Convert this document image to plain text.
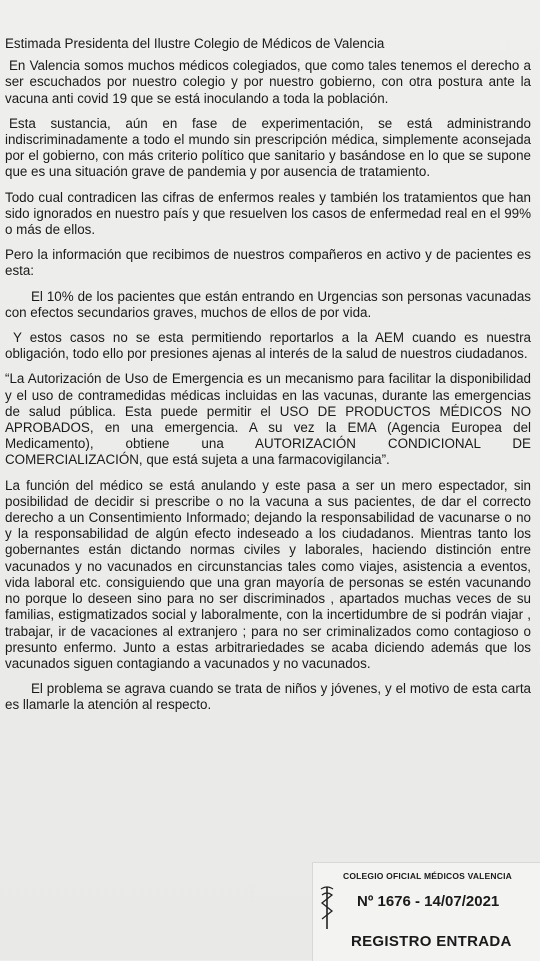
Estimada Presidenta del Ilustre Colegio de Médicos de Valencia

En Valencia somos muchos médicos colegiados, que como tales tenemos el derecho a ser escuchados por nuestro colegio y por nuestro gobierno, con otra postura ante la vacuna anti covid 19 que se está inoculando a toda la población.

Esta sustancia, aún en fase de experimentación, se está administrando indiscriminadamente a todo el mundo sin prescripción médica, simplemente aconsejada por el gobierno, con más criterio político que sanitario y basándose en lo que se supone que es una situación grave de pandemia y por ausencia de tratamiento.

Todo cual contradicen las cifras de enfermos reales y también los tratamientos que han sido ignorados en nuestro país y que resuelven los casos de enfermedad real en el 99% o más de ellos.

Pero la información que recibimos de nuestros compañeros en activo y de pacientes es esta:

El 10% de los pacientes que están entrando en Urgencias son personas vacunadas con efectos secundarios graves, muchos de ellos de por vida.

Y estos casos no se esta permitiendo reportarlos a la AEM cuando es nuestra obligación, todo ello por presiones ajenas al interés de la salud de nuestros ciudadanos.

“La Autorización de Uso de Emergencia es un mecanismo para facilitar la disponibilidad y el uso de contramedidas médicas incluidas en las vacunas, durante las emergencias de salud pública. Esta puede permitir el USO DE PRODUCTOS MÉDICOS NO APROBADOS, en una emergencia. A su vez la EMA (Agencia Europea del Medicamento), obtiene una AUTORIZACIÓN CONDICIONAL DE COMERCIALIZACIÓN, que está sujeta a una farmacovigilancia”.

La función del médico se está anulando y este pasa a ser un mero espectador, sin posibilidad de decidir si prescribe o no la vacuna a sus pacientes, de dar el correcto derecho a un Consentimiento Informado; dejando la responsabilidad de vacunarse o no y la responsabilidad de algún efecto indeseado a los ciudadanos. Mientras tanto los gobernantes están dictando normas civiles y laborales, haciendo distinción entre vacunados y no vacunados en circunstancias tales como viajes, asistencia a eventos, vida laboral etc. consiguiendo que una gran mayoría de personas se estén vacunando no porque lo deseen sino para no ser discriminados , apartados muchas veces de su familias, estigmatizados social y laboralmente, con la incertidumbre de si podrán viajar , trabajar, ir de vacaciones al extranjero ; para no ser criminalizados como contagioso o presunto enfermo. Junto a estas arbitrariedades se acaba diciendo además que los vacunados siguen contagiando a vacunados y no vacunados.

El problema se agrava cuando se trata de niños y jóvenes, y el motivo de esta carta es llamarle la atención al respecto.

COLEGIO OFICIAL MÉDICOS VALENCIA
Nº 1676 - 14/07/2021
REGISTRO ENTRADA
